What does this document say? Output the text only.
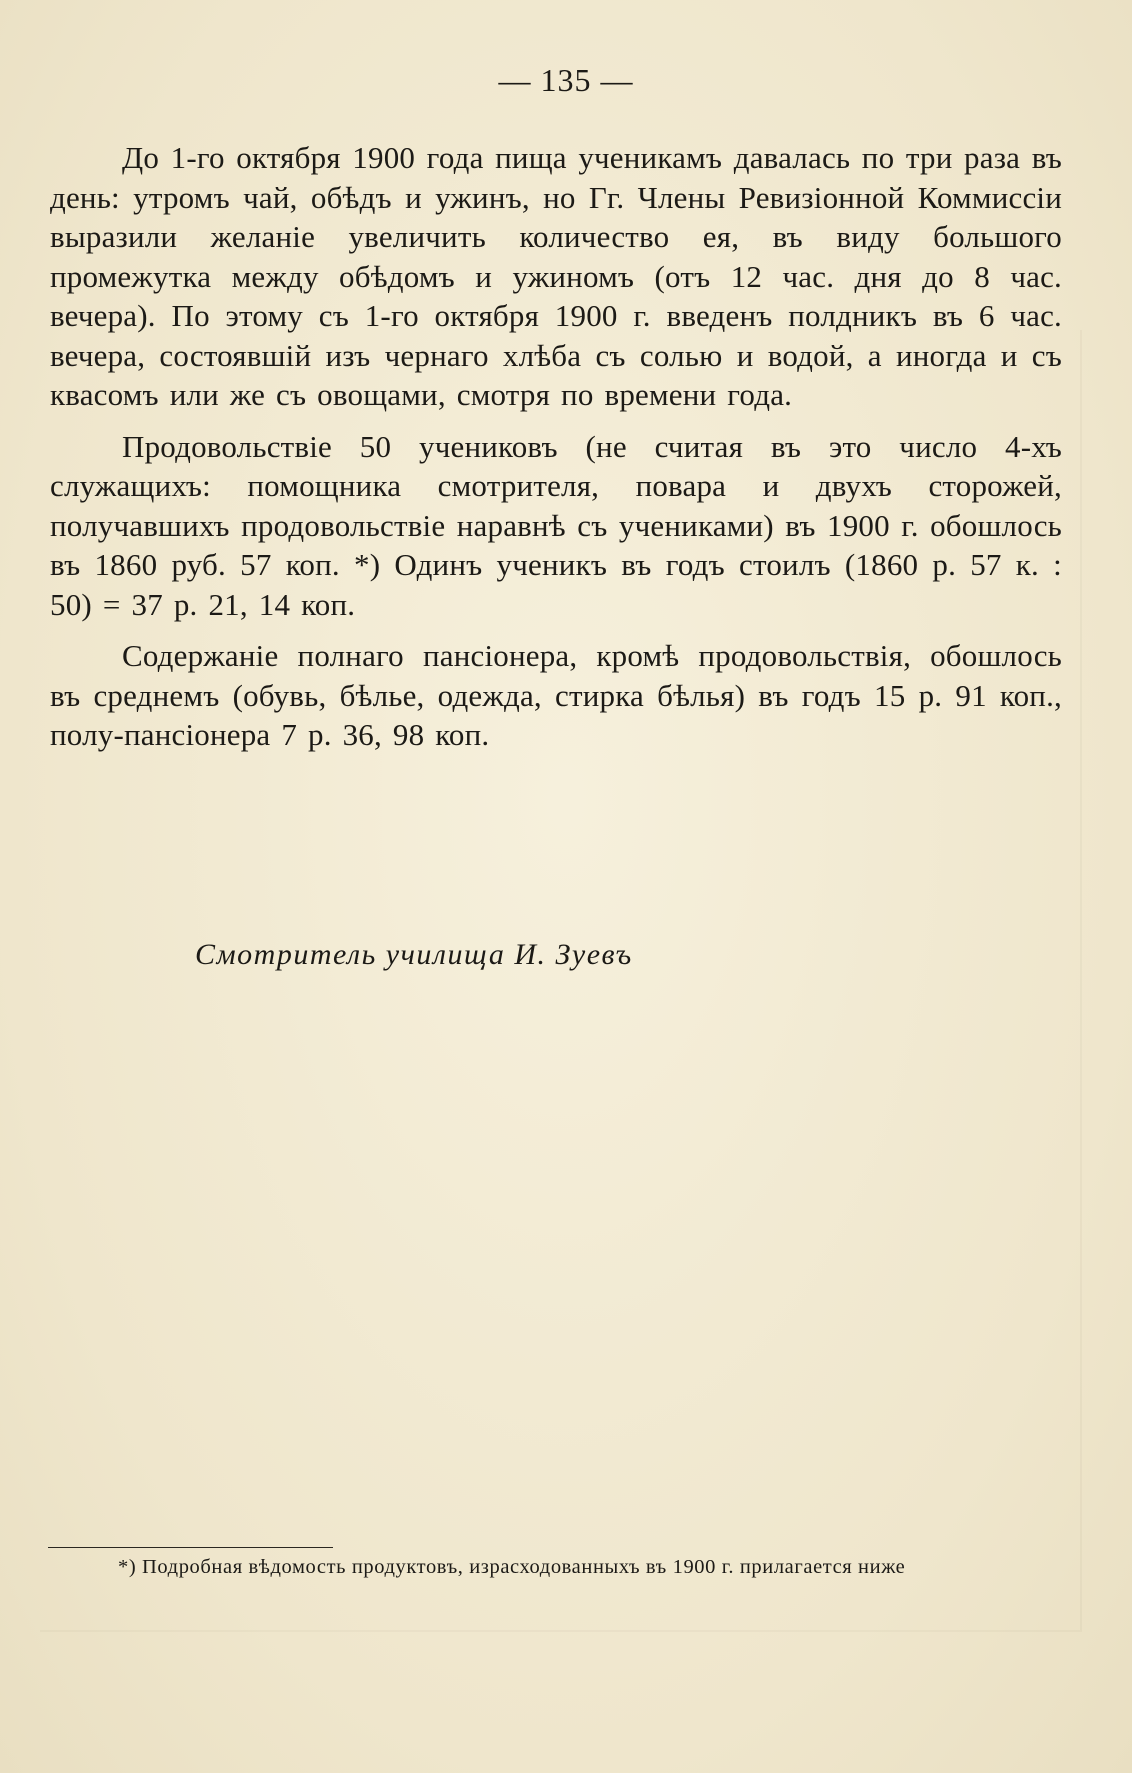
— 135 —

До 1-го октября 1900 года пища ученикамъ давалась по три раза въ день: утромъ чай, обѣдъ и ужинъ, но Гг. Члены Ревизіонной Коммиссіи выразили желаніе увеличить количество ея, въ виду большого промежутка между обѣдомъ и ужиномъ (отъ 12 час. дня до 8 час. вечера). По этому съ 1-го октября 1900 г. введенъ полдникъ въ 6 час. вечера, состоявшій изъ чернаго хлѣба съ солью и водой, а иногда и съ квасомъ или же съ овощами, смотря по времени года.

Продовольствіе 50 учениковъ (не считая въ это число 4-хъ служащихъ: помощника смотрителя, повара и двухъ сторожей, получавшихъ продовольствіе наравнѣ съ учениками) въ 1900 г. обошлось въ 1860 руб. 57 коп. *) Одинъ ученикъ въ годъ стоилъ (1860 р. 57 к. : 50) = 37 р. 21, 14 коп.

Содержаніе полнаго пансіонера, кромѣ продовольствія, обошлось въ среднемъ (обувь, бѣлье, одежда, стирка бѣлья) въ годъ 15 р. 91 коп., полу-пансіонера 7 р. 36, 98 коп.

Смотритель училища И. Зуевъ
*) Подробная вѣдомость продуктовъ, израсходованныхъ въ 1900 г. прилагается ниже
